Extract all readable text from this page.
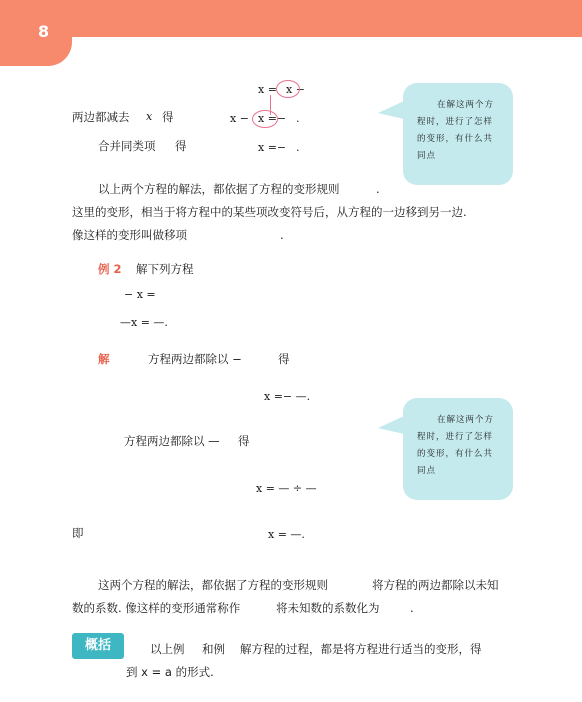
8
x = x −
两边都减去 x 得	x − x =− .
合并同类项 得	x =− .
在解这两个方
程时，进行了怎样
的变形，有什么共
同点
以上两个方程的解法，都依据了方程的变形规则	.
这里的变形，相当于将方程中的某些项改变符号后，从方程的一边移到另一边.
像这样的变形叫做移项	.
例 2 解下列方程
− x =
—x = —.
解	方程两边都除以 −	得
x =− —.
方程两边都除以 — 得
x = — ÷ —
即	x = —.
在解这两个方
程时，进行了怎样
的变形，有什么共
同点
这两个方程的解法，都依据了方程的变形规则	将方程的两边都除以未知
数的系数. 像这样的变形通常称作	将未知数的系数化为	.
概括	以上例 和例 解方程的过程，都是将方程进行适当的变形，得
到 x = a 的形式.
